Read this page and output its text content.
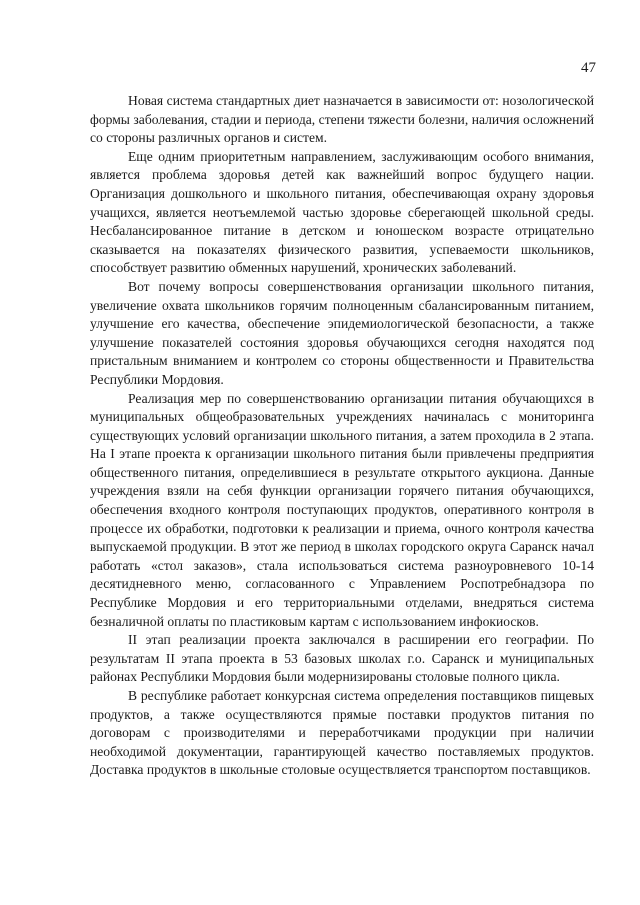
47

Новая система стандартных диет назначается в зависимости от: нозологической формы заболевания, стадии и периода, степени тяжести болезни, наличия осложнений со стороны различных органов и систем.

Еще одним приоритетным направлением, заслуживающим особого внимания, является проблема здоровья детей как важнейший вопрос будущего нации. Организация дошкольного и школьного питания, обеспечивающая охрану здоровья учащихся, является неотъемлемой частью здоровье сберегающей школьной среды. Несбалансированное питание в детском и юношеском возрасте отрицательно сказывается на показателях физического развития, успеваемости школьников, способствует развитию обменных нарушений, хронических заболеваний.

Вот почему вопросы совершенствования организации школьного питания, увеличение охвата школьников горячим полноценным сбалансированным питанием, улучшение его качества, обеспечение эпидемиологической безопасности, а также улучшение показателей состояния здоровья обучающихся сегодня находятся под пристальным вниманием и контролем со стороны общественности и Правительства Республики Мордовия.

Реализация мер по совершенствованию организации питания обучающихся в муниципальных общеобразовательных учреждениях начиналась с мониторинга существующих условий организации школьного питания, а затем проходила в 2 этапа. На I этапе проекта к организации школьного питания были привлечены предприятия общественного питания, определившиеся в результате открытого аукциона. Данные учреждения взяли на себя функции организации горячего питания обучающихся, обеспечения входного контроля поступающих продуктов, оперативного контроля в процессе их обработки, подготовки к реализации и приема, очного контроля качества выпускаемой продукции. В этот же период в школах городского округа Саранск начал работать «стол заказов», стала использоваться система разноуровневого 10-14 десятидневного меню, согласованного с Управлением Роспотребнадзора по Республике Мордовия и его территориальными отделами, внедряться система безналичной оплаты по пластиковым картам с использованием инфокиосков.

II этап реализации проекта заключался в расширении его географии. По результатам II этапа проекта в 53 базовых школах г.о. Саранск и муниципальных районах Республики Мордовия были модернизированы столовые полного цикла.

В республике работает конкурсная система определения поставщиков пищевых продуктов, а также осуществляются прямые поставки продуктов питания по договорам с производителями и переработчиками продукции при наличии необходимой документации, гарантирующей качество поставляемых продуктов. Доставка продуктов в школьные столовые осуществляется транспортом поставщиков.
